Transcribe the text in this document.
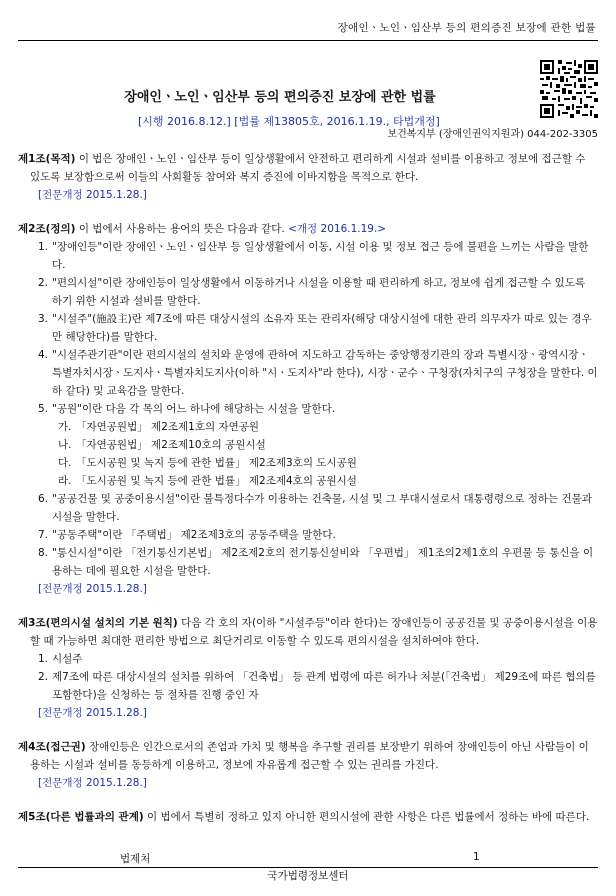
장애인ㆍ노인ㆍ임산부 등의 편의증진 보장에 관한 법률
장애인ㆍ노인ㆍ임산부 등의 편의증진 보장에 관한 법률
[시행 2016.8.12.] [법률 제13805호, 2016.1.19., 타법개정]
보건복지부 (장애인권익지원과) 044-202-3305
제1조(목적) 이 법은 장애인ㆍ노인ㆍ임산부 등이 일상생활에서 안전하고 편리하게 시설과 설비를 이용하고 정보에 접근할 수 있도록 보장함으로써 이들의 사회활동 참여와 복지 증진에 이바지함을 목적으로 한다.
[전문개정 2015.1.28.]
제2조(정의) 이 법에서 사용하는 용어의 뜻은 다음과 같다. <개정 2016.1.19.>
1. "장애인등"이란 장애인ㆍ노인ㆍ임산부 등 일상생활에서 이동, 시설 이용 및 정보 접근 등에 불편을 느끼는 사람을 말한다.
2. "편의시설"이란 장애인등이 일상생활에서 이동하거나 시설을 이용할 때 편리하게 하고, 정보에 쉽게 접근할 수 있도록 하기 위한 시설과 설비를 말한다.
3. "시설주"(施設主)란 제7조에 따른 대상시설의 소유자 또는 관리자(해당 대상시설에 대한 관리 의무자가 따로 있는 경우만 해당한다)를 말한다.
4. "시설주관기관"이란 편의시설의 설치와 운영에 관하여 지도하고 감독하는 중앙행정기관의 장과 특별시장ㆍ광역시장ㆍ특별자치시장ㆍ도지사ㆍ특별자치도지사(이하 "시ㆍ도지사"라 한다), 시장ㆍ군수ㆍ구청장(자치구의 구청장을 말한다. 이하 같다) 및 교육감을 말한다.
5. "공원"이란 다음 각 목의 어느 하나에 해당하는 시설을 말한다.
가. 「자연공원법」 제2조제1호의 자연공원
나. 「자연공원법」 제2조제10호의 공원시설
다. 「도시공원 및 녹지 등에 관한 법률」 제2조제3호의 도시공원
라. 「도시공원 및 녹지 등에 관한 법률」 제2조제4호의 공원시설
6. "공공건물 및 공중이용시설"이란 불특정다수가 이용하는 건축물, 시설 및 그 부대시설로서 대통령령으로 정하는 건물과 시설을 말한다.
7. "공동주택"이란 「주택법」 제2조제3호의 공동주택을 말한다.
8. "통신시설"이란 「전기통신기본법」 제2조제2호의 전기통신설비와 「우편법」 제1조의2제1호의 우편물 등 통신을 이용하는 데에 필요한 시설을 말한다.
[전문개정 2015.1.28.]
제3조(편의시설 설치의 기본 원칙) 다음 각 호의 자(이하 "시설주등"이라 한다)는 장애인등이 공공건물 및 공중이용시설을 이용할 때 가능하면 최대한 편리한 방법으로 최단거리로 이동할 수 있도록 편의시설을 설치하여야 한다.
1. 시설주
2. 제7조에 따른 대상시설의 설치를 위하여 「건축법」 등 관계 법령에 따른 허가나 처분(「건축법」 제29조에 따른 협의를 포함한다)을 신청하는 등 절차를 진행 중인 자
[전문개정 2015.1.28.]
제4조(접근권) 장애인등은 인간으로서의 존엄과 가치 및 행복을 추구할 권리를 보장받기 위하여 장애인등이 아닌 사람들이 이용하는 시설과 설비를 동등하게 이용하고, 정보에 자유롭게 접근할 수 있는 권리를 가진다.
[전문개정 2015.1.28.]
제5조(다른 법률과의 관계) 이 법에서 특별히 정하고 있지 아니한 편의시설에 관한 사항은 다른 법률에서 정하는 바에 따른다.
법제처	1
국가법령정보센터
